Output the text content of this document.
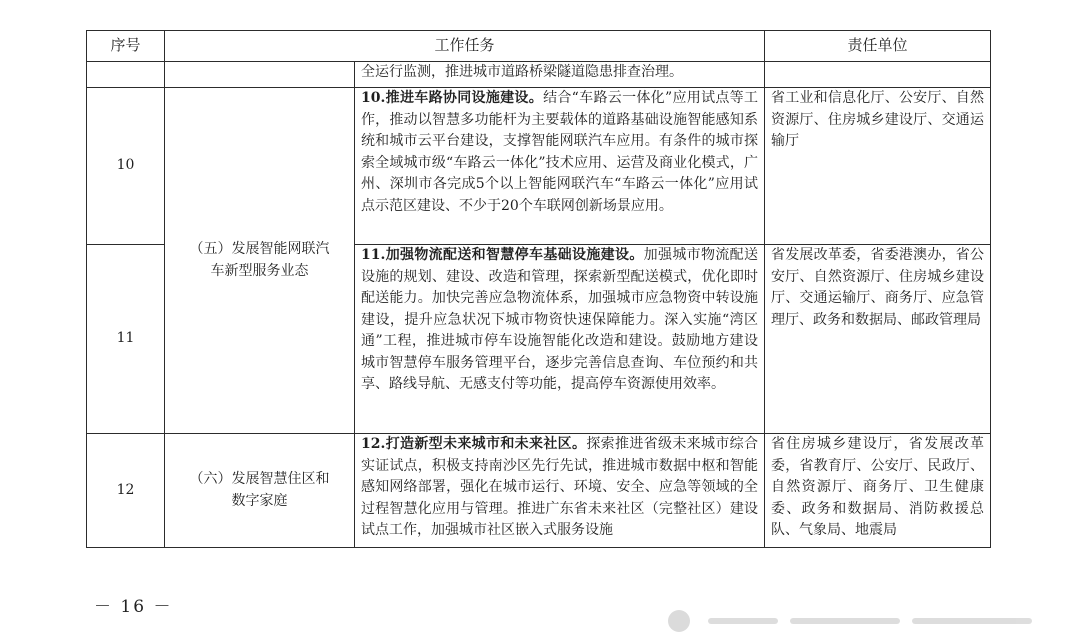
序号	工作任务		责任单位
		全运行监测，推进城市道路桥梁隧道隐患排查治理。	
10	（五）发展智能网联汽车新型服务业态	10.推进车路协同设施建设。结合“车路云一体化”应用试点等工作，推动以智慧多功能杆为主要载体的道路基础设施智能感知系统和城市云平台建设，支撑智能网联汽车应用。有条件的城市探索全域城市级“车路云一体化”技术应用、运营及商业化模式，广州、深圳市各完成5个以上智能网联汽车“车路云一体化”应用试点示范区建设、不少于20个车联网创新场景应用。	省工业和信息化厅、公安厅、自然资源厅、住房城乡建设厅、交通运输厅
11		11.加强物流配送和智慧停车基础设施建设。加强城市物流配送设施的规划、建设、改造和管理，探索新型配送模式，优化即时配送能力。加快完善应急物流体系，加强城市应急物资中转设施建设，提升应急状况下城市物资快速保障能力。深入实施“湾区通”工程，推进城市停车设施智能化改造和建设。鼓励地方建设城市智慧停车服务管理平台，逐步完善信息查询、车位预约和共享、路线导航、无感支付等功能，提高停车资源使用效率。	省发展改革委，省委港澳办，省公安厅、自然资源厅、住房城乡建设厅、交通运输厅、商务厅、应急管理厅、政务和数据局、邮政管理局
12	（六）发展智慧住区和数字家庭	12.打造新型未来城市和未来社区。探索推进省级未来城市综合实证试点，积极支持南沙区先行先试，推进城市数据中枢和智能感知网络部署，强化在城市运行、环境、安全、应急等领域的全过程智慧化应用与管理。推进广东省未来社区（完整社区）建设试点工作，加强城市社区嵌入式服务设施	省住房城乡建设厅，省发展改革委，省教育厅、公安厅、民政厅、自然资源厅、商务厅、卫生健康委、政务和数据局、消防救援总队、气象局、地震局
－ 16 －
